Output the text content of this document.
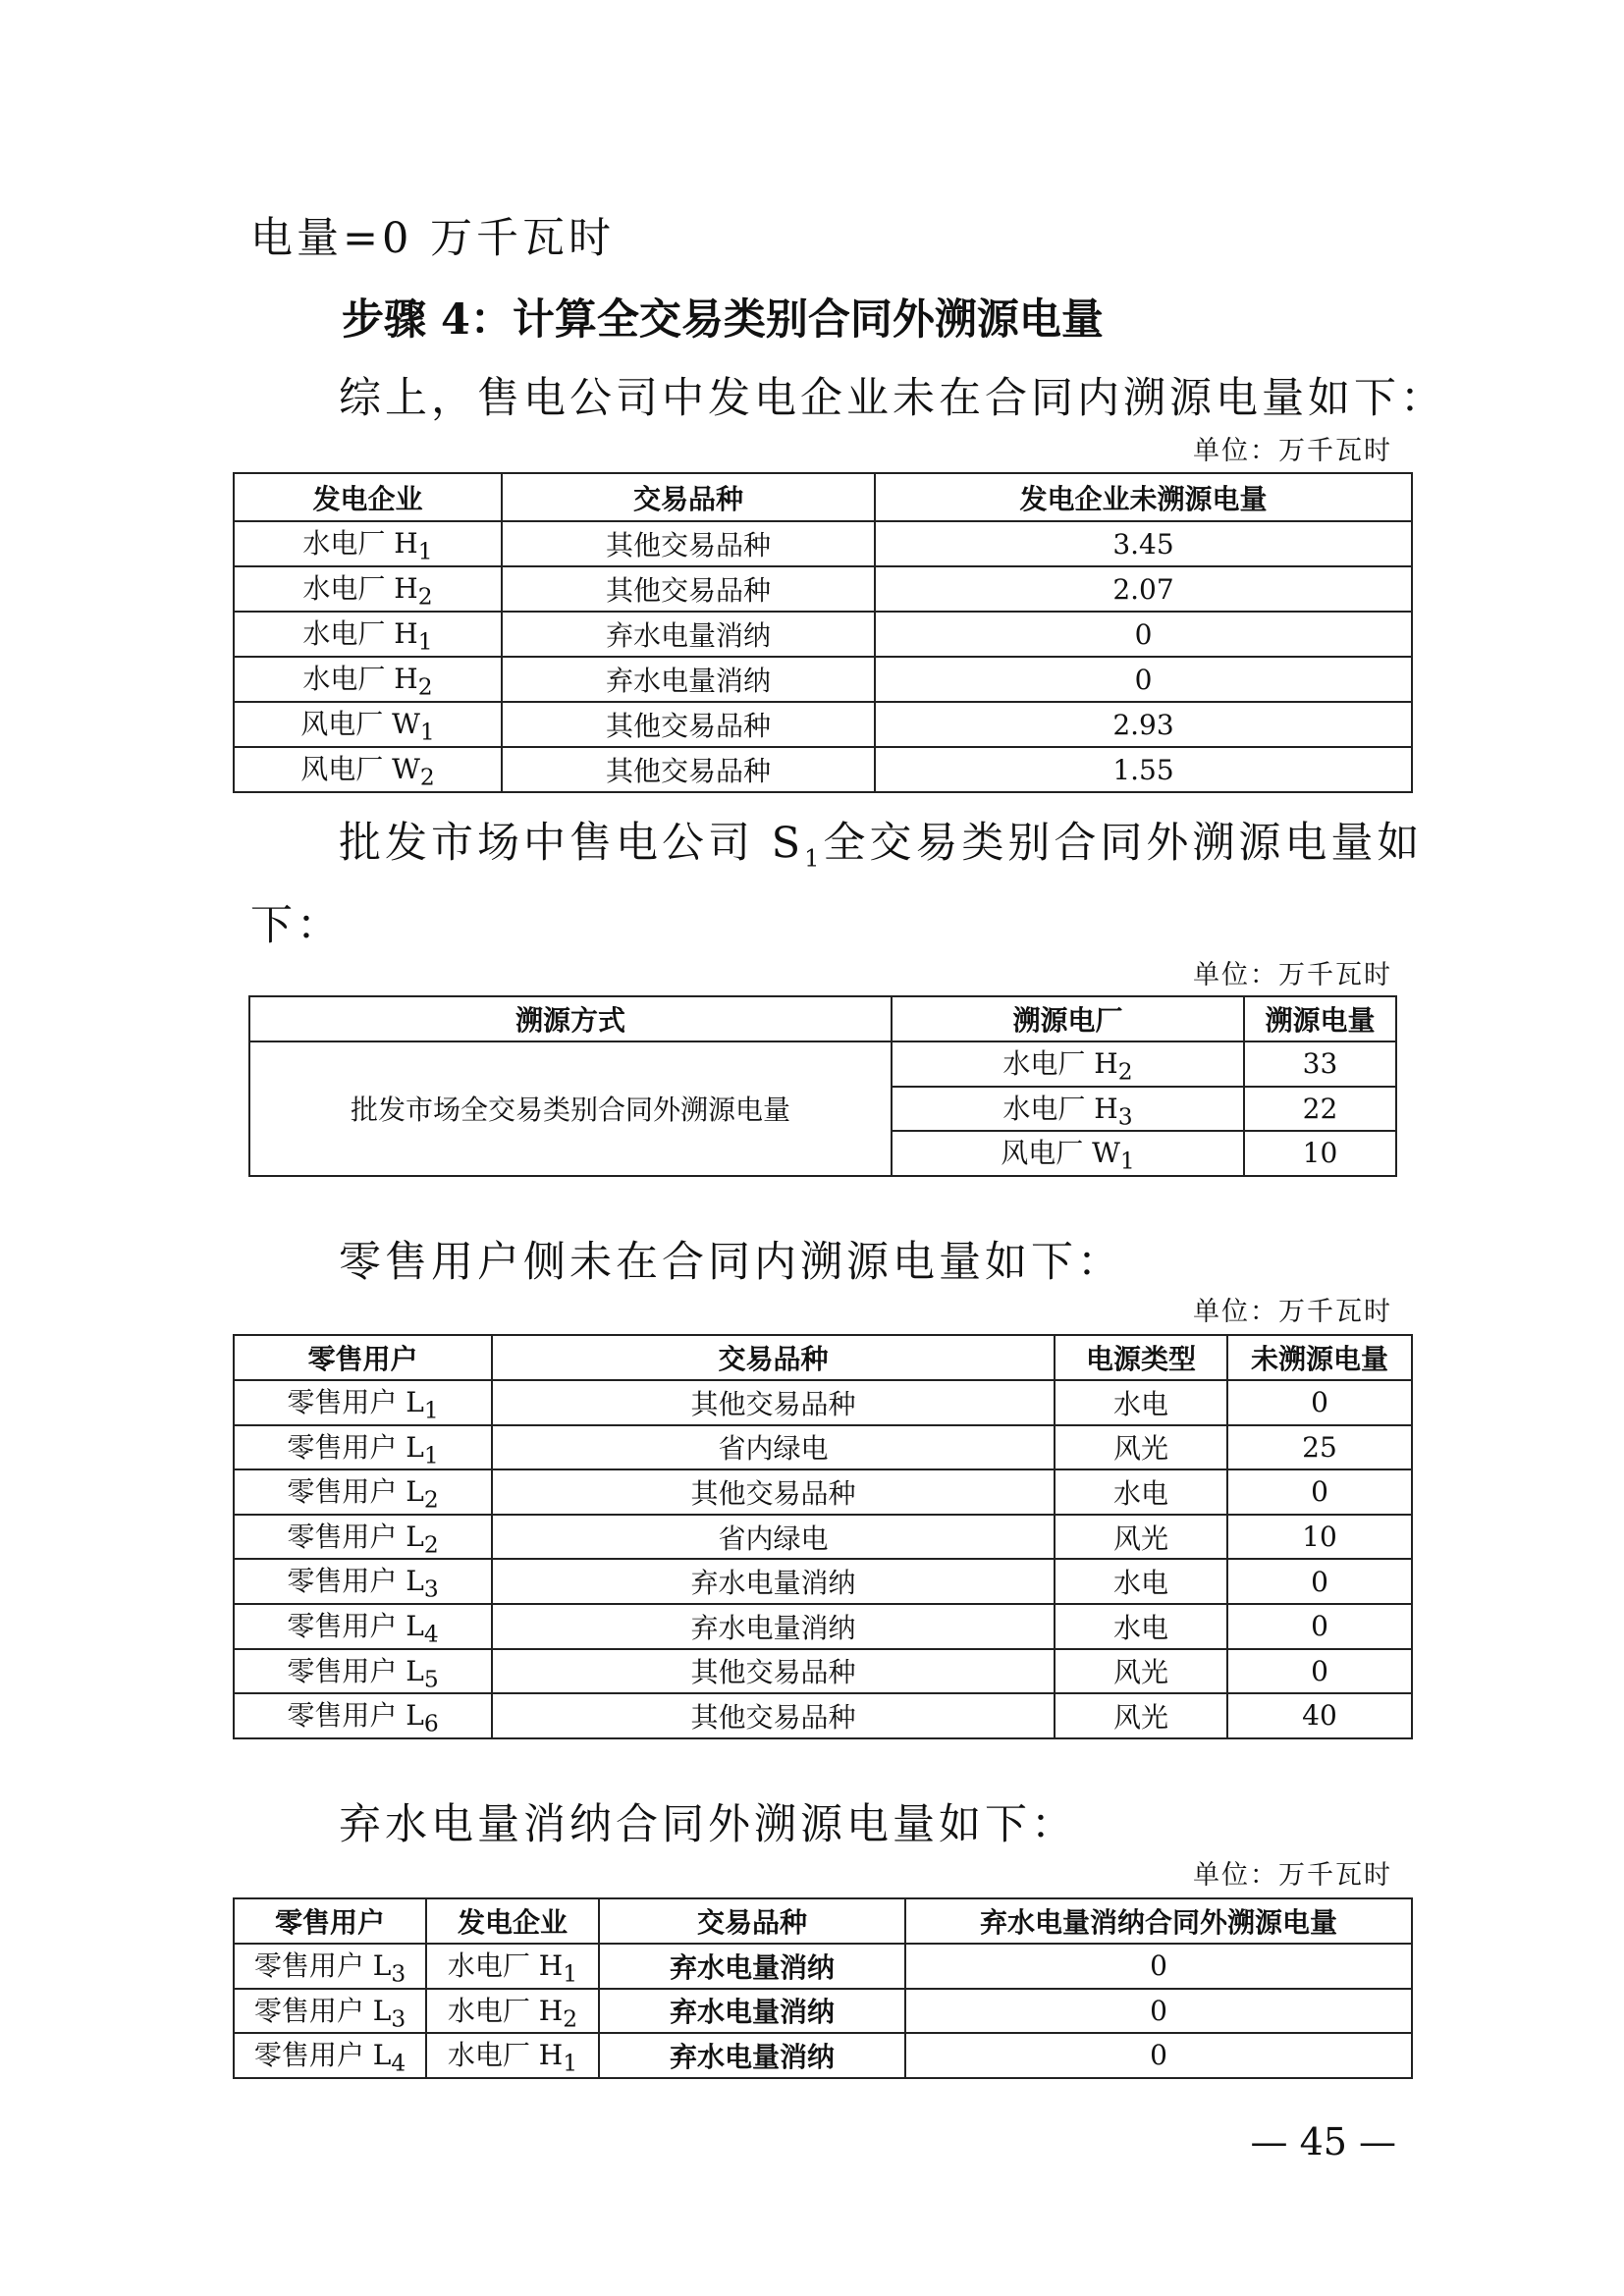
电量=0 万千瓦时
步骤 4：计算全交易类别合同外溯源电量
综上，售电公司中发电企业未在合同内溯源电量如下：
单位：万千瓦时
发电企业	交易品种	发电企业未溯源电量
水电厂 $H_1$	其他交易品种	3.45
水电厂 $H_2$	其他交易品种	2.07
水电厂 $H_1$	弃水电量消纳	0
水电厂 $H_2$	弃水电量消纳	0
风电厂 $W_1$	其他交易品种	2.93
风电厂 $W_2$	其他交易品种	1.55
批发市场中售电公司 $S_1$全交易类别合同外溯源电量如
下：
单位：万千瓦时
溯源方式	溯源电厂	溯源电量
批发市场全交易类别合同外溯源电量	水电厂 $H_2$	33
	水电厂 $H_3$	22
	风电厂 $W_1$	10
零售用户侧未在合同内溯源电量如下：
单位：万千瓦时
零售用户	交易品种	电源类型	未溯源电量
零售用户 $L_1$	其他交易品种	水电	0
零售用户 $L_1$	省内绿电	风光	25
零售用户 $L_2$	其他交易品种	水电	0
零售用户 $L_2$	省内绿电	风光	10
零售用户 $L_3$	弃水电量消纳	水电	0
零售用户 $L_4$	弃水电量消纳	水电	0
零售用户 $L_5$	其他交易品种	风光	0
零售用户 $L_6$	其他交易品种	风光	40
弃水电量消纳合同外溯源电量如下：
单位：万千瓦时
零售用户	发电企业	交易品种	弃水电量消纳合同外溯源电量
零售用户 $L_3$	水电厂 $H_1$	弃水电量消纳	0
零售用户 $L_3$	水电厂 $H_2$	弃水电量消纳	0
零售用户 $L_4$	水电厂 $H_1$	弃水电量消纳	0
— 45 —
